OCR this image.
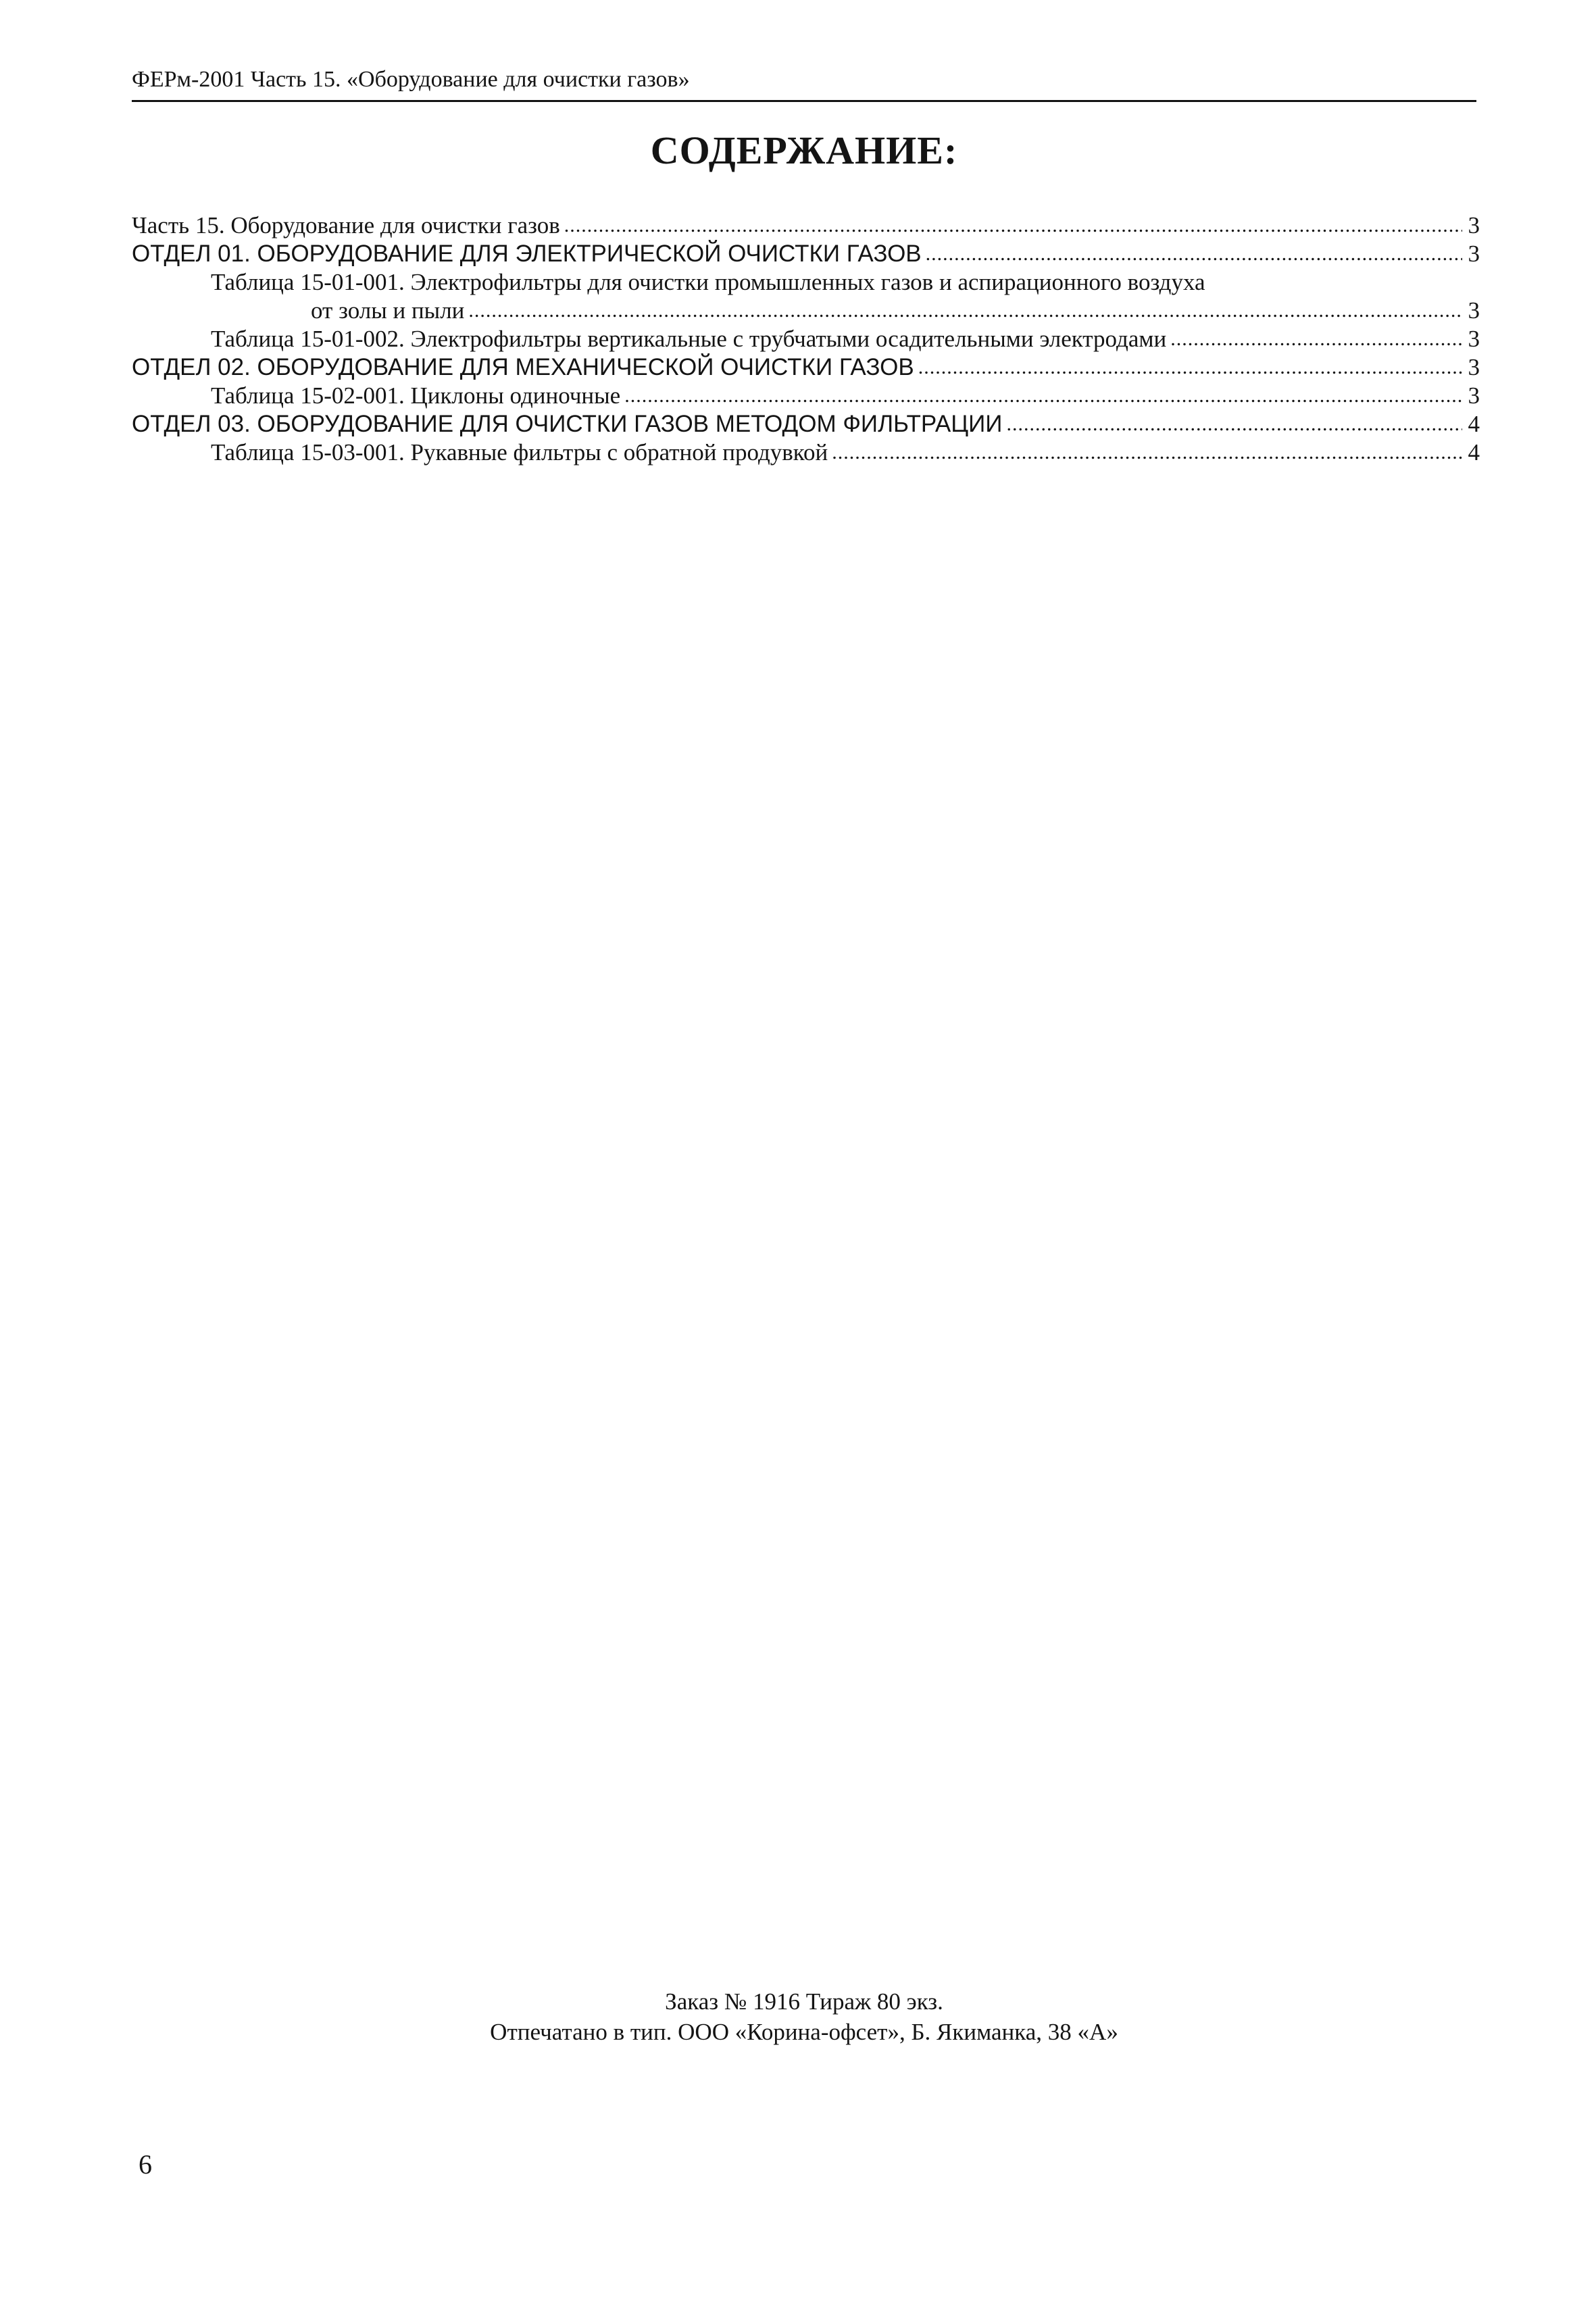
ФЕРм-2001 Часть 15. «Оборудование для очистки газов»
СОДЕРЖАНИЕ:
Часть 15. Оборудование для очистки газов .....	3
ОТДЕЛ 01. ОБОРУДОВАНИЕ ДЛЯ ЭЛЕКТРИЧЕСКОЙ ОЧИСТКИ ГАЗОВ .....	3
Таблица 15-01-001. Электрофильтры для очистки промышленных газов и аспирационного воздуха
от золы и пыли .....	3
Таблица 15-01-002. Электрофильтры вертикальные с трубчатыми осадительными электродами .....	3
ОТДЕЛ 02. ОБОРУДОВАНИЕ ДЛЯ МЕХАНИЧЕСКОЙ ОЧИСТКИ ГАЗОВ .....	3
Таблица 15-02-001. Циклоны одиночные .....	3
ОТДЕЛ 03. ОБОРУДОВАНИЕ ДЛЯ ОЧИСТКИ ГАЗОВ МЕТОДОМ ФИЛЬТРАЦИИ .....	4
Таблица 15-03-001. Рукавные фильтры с обратной продувкой .....	4
Заказ № 1916 Тираж 80 экз.
Отпечатано в тип. ООО «Корина-офсет», Б. Якиманка, 38 «А»
6
